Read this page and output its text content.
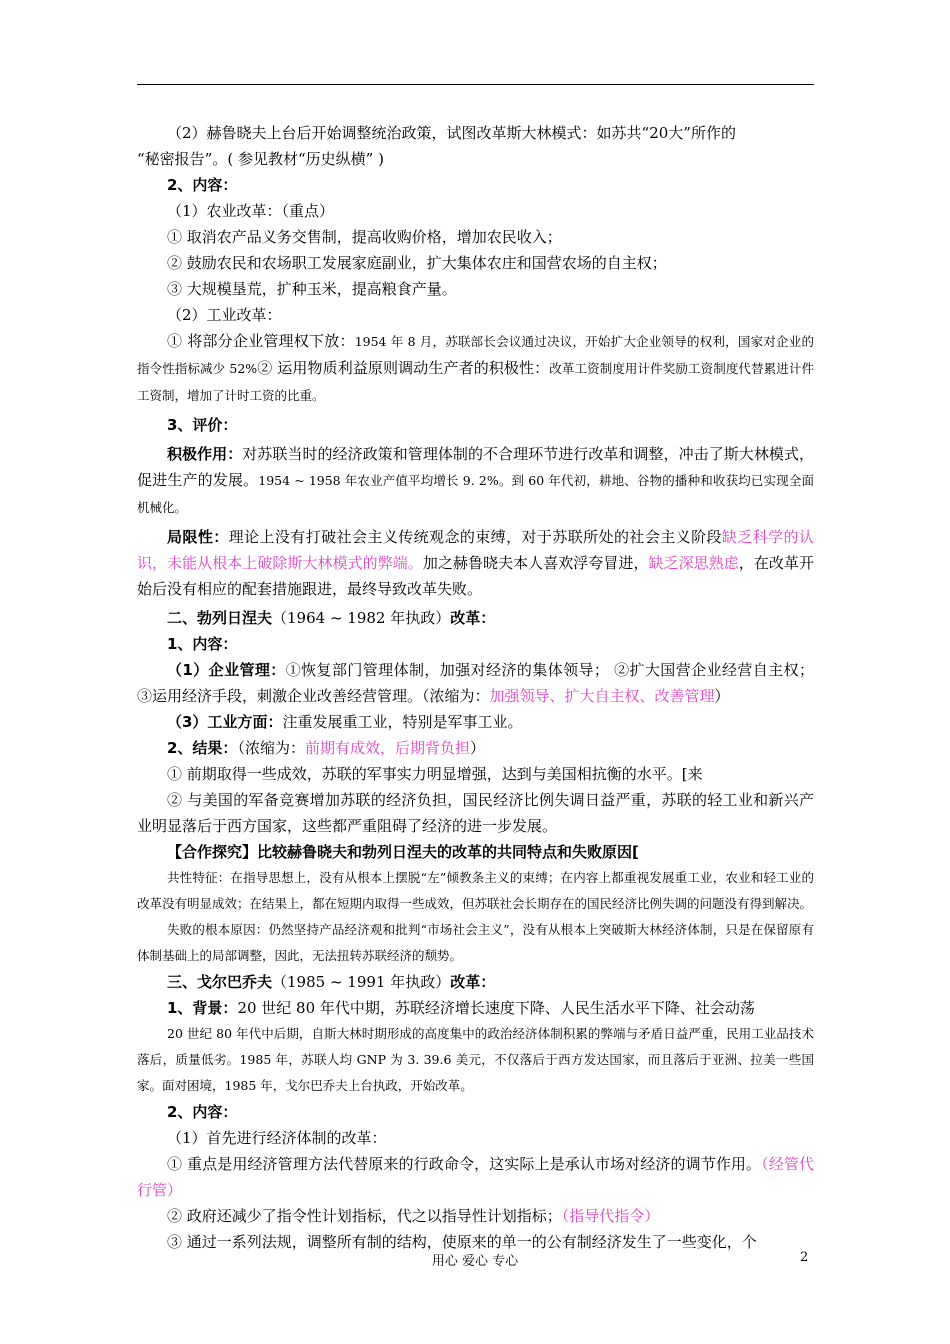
（2）赫鲁晓夫上台后开始调整统治政策，试图改革斯大林模式：如苏共“20大”所作的

“秘密报告”。( 参见教材“历史纵横” )

2、内容：

（1）农业改革：（重点）

① 取消农产品义务交售制，提高收购价格，增加农民收入；

② 鼓励农民和农场职工发展家庭副业，扩大集体农庄和国营农场的自主权；

③ 大规模垦荒，扩种玉米，提高粮食产量。

（2）工业改革：

① 将部分企业管理权下放：1954 年 8 月，苏联部长会议通过决议，开始扩大企业领导的权利，国家对企业的指令性指标减少 52%② 运用物质利益原则调动生产者的积极性：改革工资制度用计件奖励工资制度代替累进计件工资制，增加了计时工资的比重。

3、评价：

积极作用：对苏联当时的经济政策和管理体制的不合理环节进行改革和调整，冲击了斯大林模式，促进生产的发展。1954 ~ 1958 年农业产值平均增长 9. 2%。到 60 年代初，耕地、谷物的播种和收获均已实现全面机械化。

局限性：理论上没有打破社会主义传统观念的束缚，对于苏联所处的社会主义阶段缺乏科学的认识，未能从根本上破除斯大林模式的弊端。加之赫鲁晓夫本人喜欢浮夸冒进，缺乏深思熟虑，在改革开始后没有相应的配套措施跟进，最终导致改革失败。

二、勃列日涅夫（1964 ~ 1982 年执政）改革：

1、内容：

（1）企业管理：①恢复部门管理体制，加强对经济的集体领导； ②扩大国营企业经营自主权； ③运用经济手段，刺激企业改善经营管理。（浓缩为：加强领导、扩大自主权、改善管理）

（3）工业方面：注重发展重工业，特别是军事工业。

2、结果：（浓缩为：前期有成效，后期背负担）

① 前期取得一些成效，苏联的军事实力明显增强，达到与美国相抗衡的水平。[来

② 与美国的军备竞赛增加苏联的经济负担，国民经济比例失调日益严重，苏联的轻工业和新兴产业明显落后于西方国家，这些都严重阻碍了经济的进一步发展。

【合作探究】比较赫鲁晓夫和勃列日涅夫的改革的共同特点和失败原因[

共性特征：在指导思想上，没有从根本上摆脱“左”倾教条主义的束缚；在内容上都重视发展重工业，农业和轻工业的改革没有明显成效；在结果上，都在短期内取得一些成效，但苏联社会长期存在的国民经济比例失调的问题没有得到解决。

失败的根本原因：仍然坚持产品经济观和批判“市场社会主义”，没有从根本上突破斯大林经济体制，只是在保留原有体制基础上的局部调整，因此，无法扭转苏联经济的颓势。

三、戈尔巴乔夫（1985 ~ 1991 年执政）改革：

1、背景：20 世纪 80 年代中期，苏联经济增长速度下降、人民生活水平下降、社会动荡

20 世纪 80 年代中后期，自斯大林时期形成的高度集中的政治经济体制积累的弊端与矛盾日益严重，民用工业品技术落后，质量低劣。1985 年，苏联人均 GNP 为 3. 39.6 美元，不仅落后于西方发达国家，而且落后于亚洲、拉美一些国家。面对困境，1985 年，戈尔巴乔夫上台执政，开始改革。

2、内容：

（1）首先进行经济体制的改革：

① 重点是用经济管理方法代替原来的行政命令，这实际上是承认市场对经济的调节作用。（经管代行管）

② 政府还减少了指令性计划指标，代之以指导性计划指标；（指导代指令）

③ 通过一系列法规，调整所有制的结构，使原来的单一的公有制经济发生了一些变化，个

用心 爱心 专心	2
